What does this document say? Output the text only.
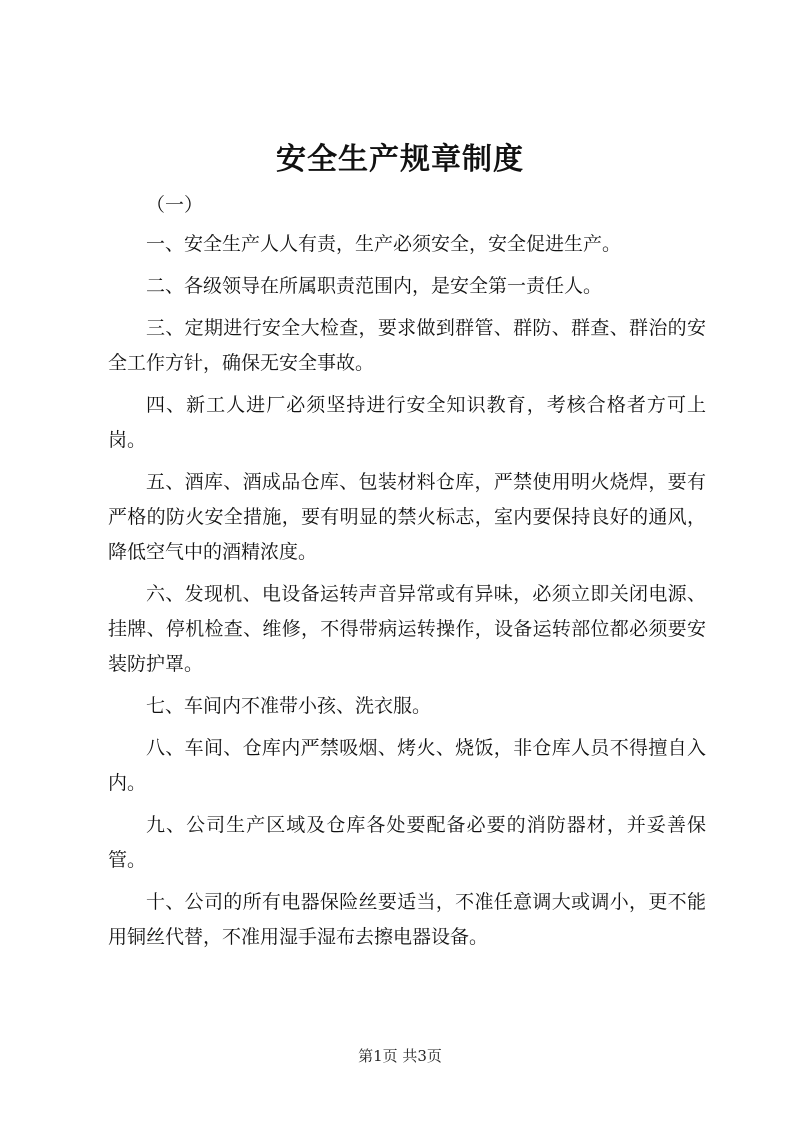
安全生产规章制度

（一）

一、安全生产人人有责，生产必须安全，安全促进生产。

二、各级领导在所属职责范围内，是安全第一责任人。

三、定期进行安全大检查，要求做到群管、群防、群查、群治的安全工作方针，确保无安全事故。

四、新工人进厂必须坚持进行安全知识教育，考核合格者方可上岗。

五、酒库、酒成品仓库、包装材料仓库，严禁使用明火烧焊，要有严格的防火安全措施，要有明显的禁火标志，室内要保持良好的通风，降低空气中的酒精浓度。

六、发现机、电设备运转声音异常或有异味，必须立即关闭电源、挂牌、停机检查、维修，不得带病运转操作，设备运转部位都必须要安装防护罩。

七、车间内不准带小孩、洗衣服。

八、车间、仓库内严禁吸烟、烤火、烧饭，非仓库人员不得擅自入内。

九、公司生产区域及仓库各处要配备必要的消防器材，并妥善保管。

十、公司的所有电器保险丝要适当，不准任意调大或调小，更不能用铜丝代替，不准用湿手湿布去擦电器设备。

第1页 共3页
